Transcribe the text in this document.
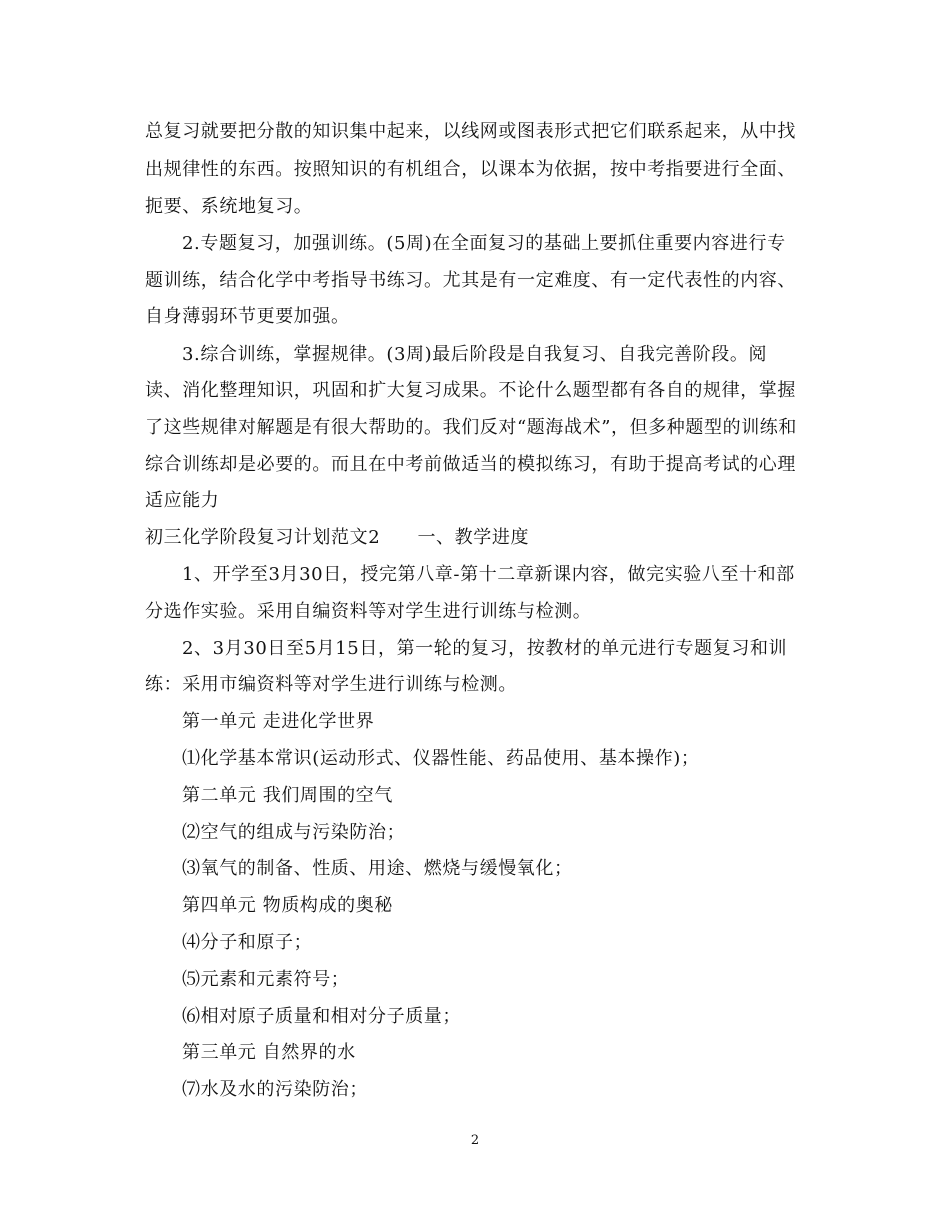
总复习就要把分散的知识集中起来，以线网或图表形式把它们联系起来，从中找
出规律性的东西。按照知识的有机组合，以课本为依据，按中考指要进行全面、
扼要、系统地复习。
2.专题复习，加强训练。(5周)在全面复习的基础上要抓住重要内容进行专
题训练，结合化学中考指导书练习。尤其是有一定难度、有一定代表性的内容、
自身薄弱环节更要加强。
3.综合训练，掌握规律。(3周)最后阶段是自我复习、自我完善阶段。阅
读、消化整理知识，巩固和扩大复习成果。不论什么题型都有各自的规律，掌握
了这些规律对解题是有很大帮助的。我们反对“题海战术”，但多种题型的训练和
综合训练却是必要的。而且在中考前做适当的模拟练习，有助于提高考试的心理
适应能力
初三化学阶段复习计划范文2　　一、教学进度
1、开学至3月30日，授完第八章-第十二章新课内容，做完实验八至十和部
分选作实验。采用自编资料等对学生进行训练与检测。
2、3月30日至5月15日，第一轮的复习，按教材的单元进行专题复习和训
练：采用市编资料等对学生进行训练与检测。
第一单元 走进化学世界
⑴化学基本常识(运动形式、仪器性能、药品使用、基本操作)；
第二单元 我们周围的空气
⑵空气的组成与污染防治；
⑶氧气的制备、性质、用途、燃烧与缓慢氧化；
第四单元 物质构成的奥秘
⑷分子和原子；
⑸元素和元素符号；
⑹相对原子质量和相对分子质量；
第三单元 自然界的水
⑺水及水的污染防治；
2
